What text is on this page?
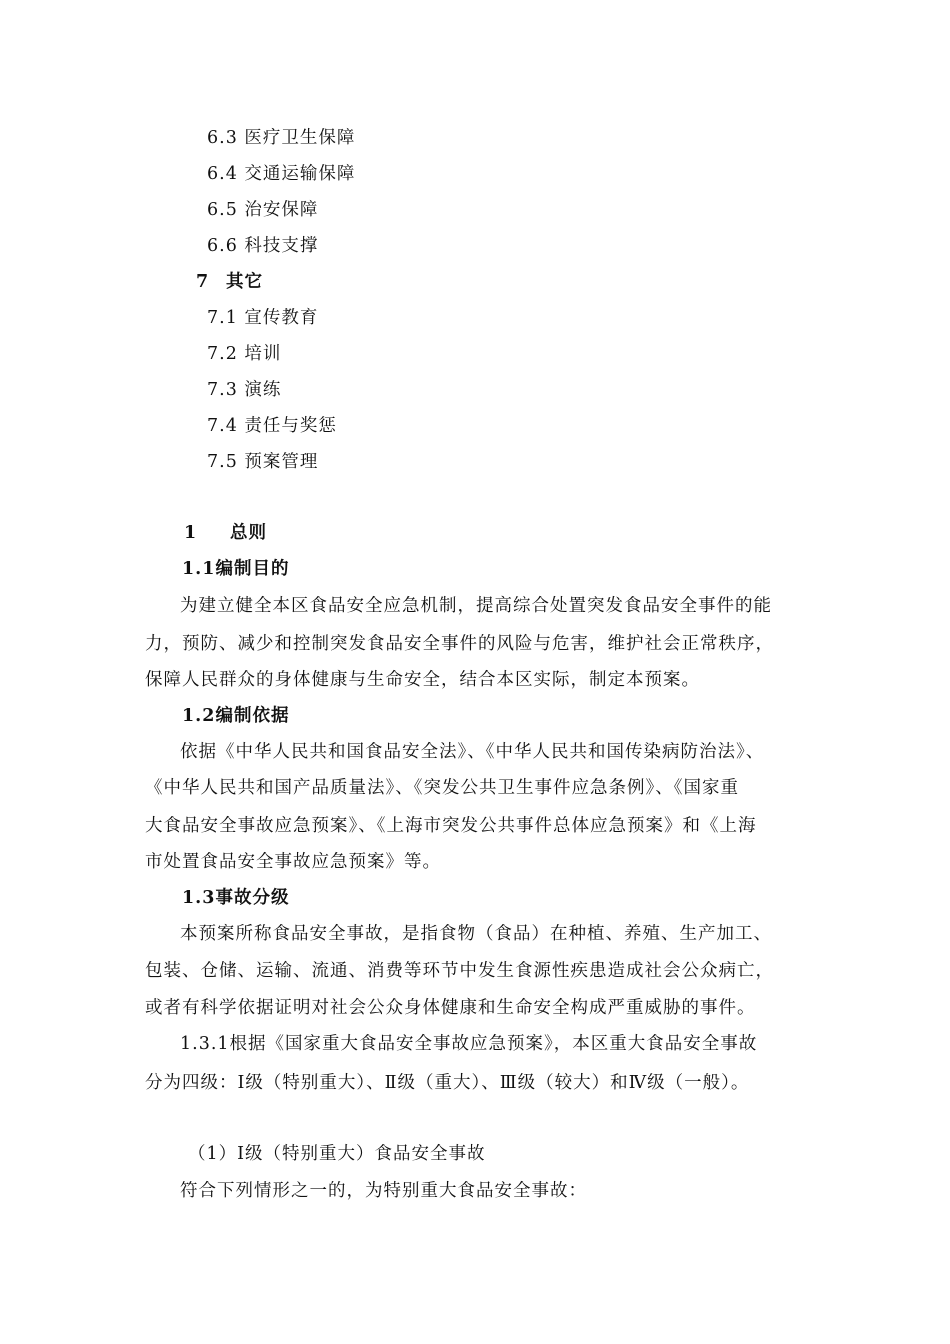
6.3 医疗卫生保障
6.4 交通运输保障
6.5 治安保障
6.6 科技支撑
7 其它
7.1 宣传教育
7.2 培训
7.3 演练
7.4 责任与奖惩
7.5 预案管理
1 总则
1.1编制目的
为建立健全本区食品安全应急机制，提高综合处置突发食品安全事件的能
力，预防、减少和控制突发食品安全事件的风险与危害，维护社会正常秩序，
保障人民群众的身体健康与生命安全，结合本区实际，制定本预案。
1.2编制依据
依据《中华人民共和国食品安全法》、《中华人民共和国传染病防治法》、
《中华人民共和国产品质量法》、《突发公共卫生事件应急条例》、《国家重
大食品安全事故应急预案》、《上海市突发公共事件总体应急预案》和《上海
市处置食品安全事故应急预案》等。
1.3事故分级
本预案所称食品安全事故，是指食物（食品）在种植、养殖、生产加工、
包装、仓储、运输、流通、消费等环节中发生食源性疾患造成社会公众病亡，
或者有科学依据证明对社会公众身体健康和生命安全构成严重威胁的事件。
1.3.1根据《国家重大食品安全事故应急预案》，本区重大食品安全事故
分为四级：Ⅰ级（特别重大）、Ⅱ级（重大）、Ⅲ级（较大）和Ⅳ级（一般）。
（1）Ⅰ级（特别重大）食品安全事故
符合下列情形之一的，为特别重大食品安全事故：
